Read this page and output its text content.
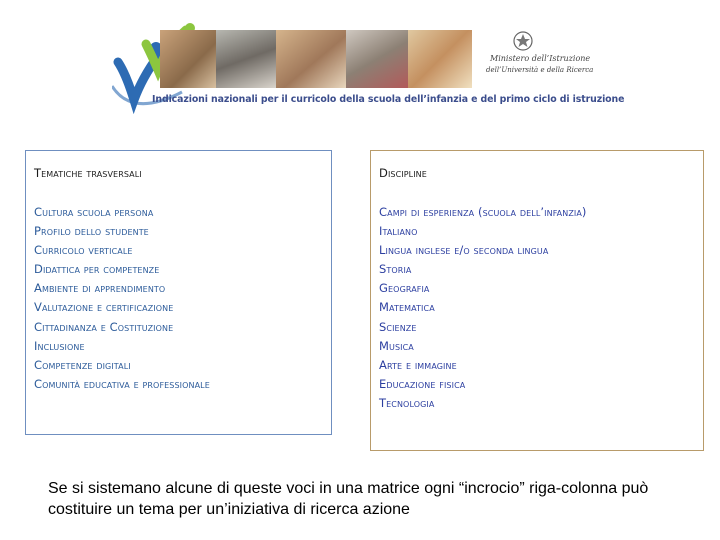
Ministero dell’Istruzione
dell’Università e della Ricerca
Indicazioni nazionali per il curricolo della scuola dell’infanzia e del primo ciclo di istruzione
Tematiche trasversali
Cultura scuola persona
Profilo dello studente
Curricolo verticale
Didattica per competenze
Ambiente di apprendimento
Valutazione e certificazione
Cittadinanza e Costituzione
Inclusione
Competenze digitali
Comunità educativa e professionale
Discipline
Campi di esperienza (scuola dell’infanzia)
Italiano
Lingua inglese e/o seconda lingua
Storia
Geografia
Matematica
Scienze
Musica
Arte e immagine
Educazione fisica
Tecnologia
Se si sistemano alcune di queste voci in una matrice ogni “incrocio” riga-colonna può costituire un tema per un’iniziativa di ricerca azione
